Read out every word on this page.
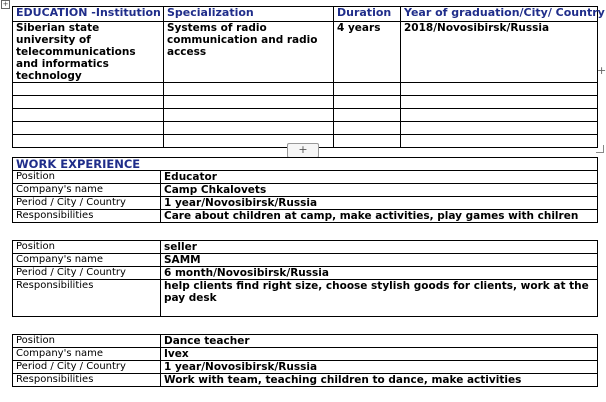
+
EDUCATION -Institution	Specialization	Duration	Year of graduation/City/ Country
Siberian state university of telecommunications and informatics technology	Systems of radio communication and radio access	4 years	2018/Novosibirsk/Russia

+
+
WORK EXPERIENCE	
Position	Educator
Company's name	Camp Chkalovets
Period / City / Country	1 year/Novosibirsk/Russia
Responsibilities	Care about children at camp, make activities, play games with chilren
Position	seller
Company's name	SAMM
Period / City / Country	6 month/Novosibirsk/Russia
Responsibilities	help clients find right size, choose stylish goods for clients, work at the pay desk
Position	Dance teacher
Company's name	Ivex
Period / City / Country	1 year/Novosibirsk/Russia
Responsibilities	Work with team, teaching children to dance, make activities
